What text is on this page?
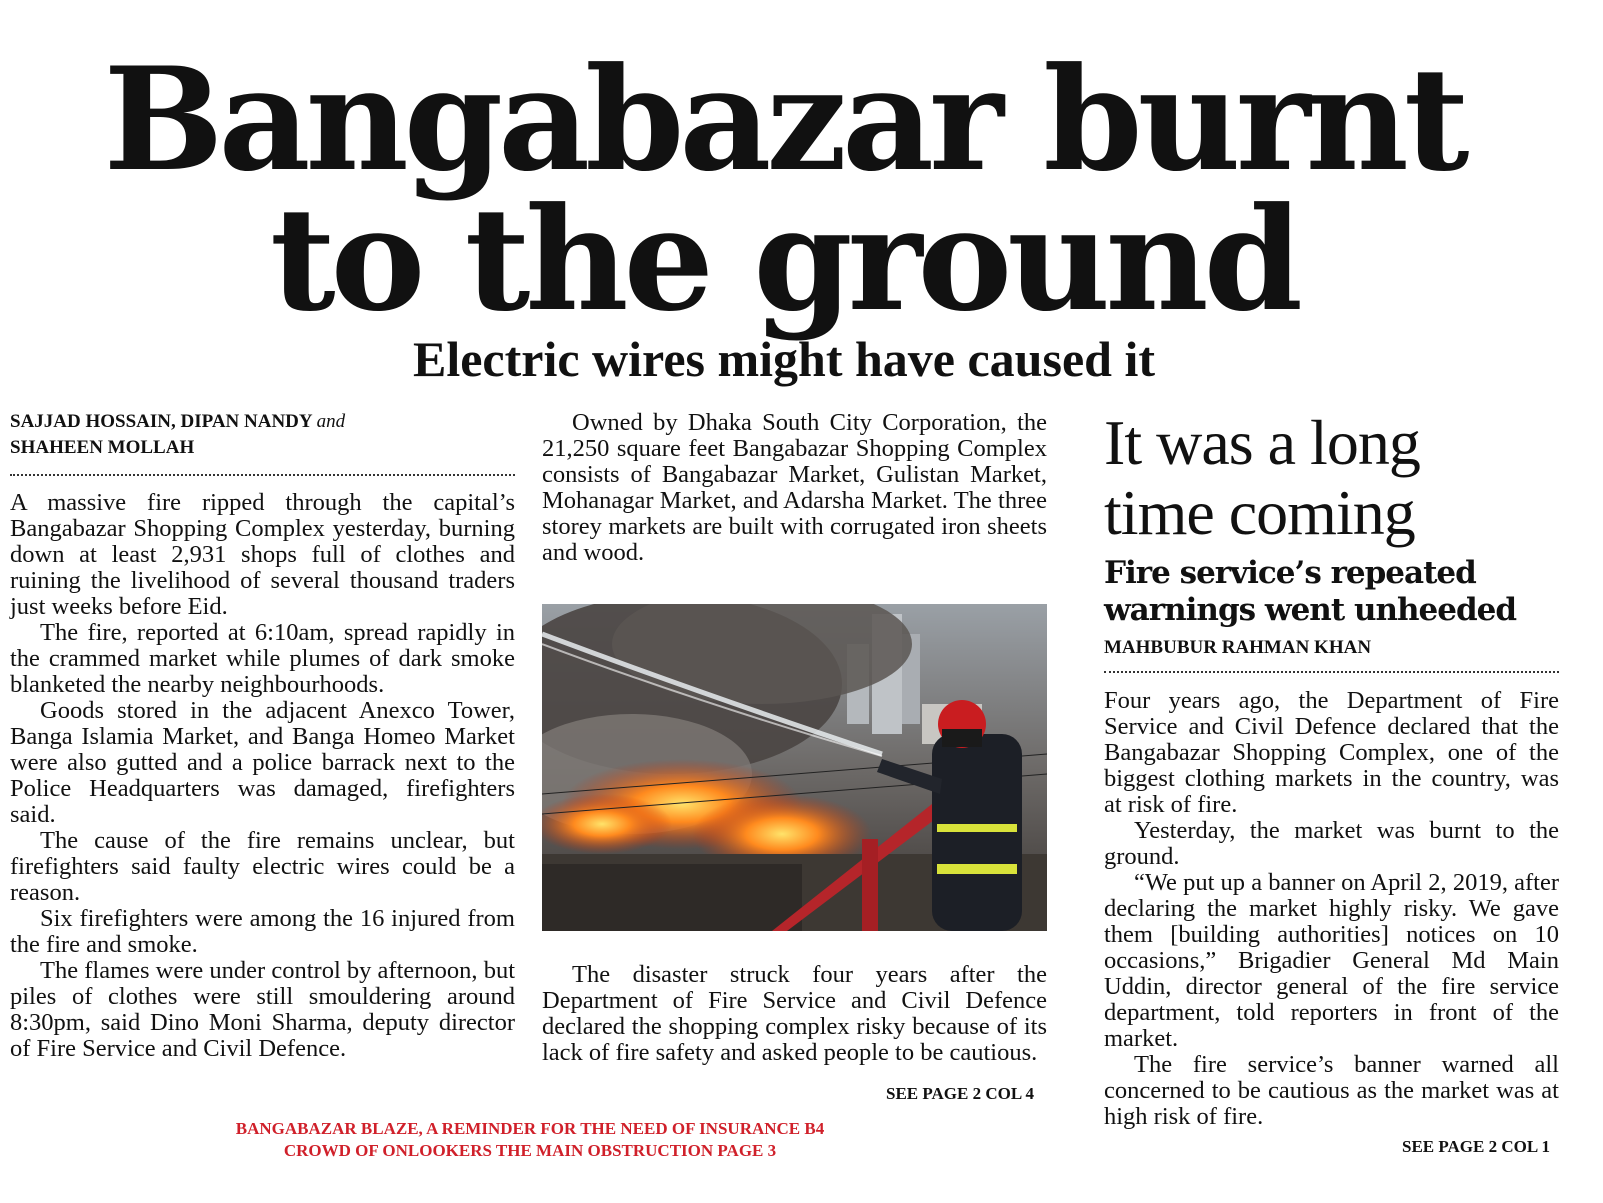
Bangabazar burnt
to the ground
Electric wires might have caused it
SAJJAD HOSSAIN, DIPAN NANDY and
SHAHEEN MOLLAH

A massive fire ripped through the capital’s Bangabazar Shopping Complex yesterday, burning down at least 2,931 shops full of clothes and ruining the livelihood of several thousand traders just weeks before Eid.

The fire, reported at 6:10am, spread rapidly in the crammed market while plumes of dark smoke blanketed the nearby neighbourhoods.

Goods stored in the adjacent Anexco Tower, Banga Islamia Market, and Banga Homeo Market were also gutted and a police barrack next to the Police Headquarters was damaged, firefighters said.

The cause of the fire remains unclear, but firefighters said faulty electric wires could be a reason.

Six firefighters were among the 16 injured from the fire and smoke.

The flames were under control by afternoon, but piles of clothes were still smouldering around 8:30pm, said Dino Moni Sharma, deputy director of Fire Service and Civil Defence.

Owned by Dhaka South City Corporation, the 21,250 square feet Bangabazar Shopping Complex consists of Bangabazar Market, Gulistan Market, Mohanagar Market, and Adarsha Market. The three storey markets are built with corrugated iron sheets and wood.

The disaster struck four years after the Department of Fire Service and Civil Defence declared the shopping complex risky because of its lack of fire safety and asked people to be cautious.

SEE PAGE 2 COL 4
BANGABAZAR BLAZE, A REMINDER FOR THE NEED OF INSURANCE B4
CROWD OF ONLOOKERS THE MAIN OBSTRUCTION PAGE 3
It was a long
time coming
Fire service’s repeated
warnings went unheeded
MAHBUBUR RAHMAN KHAN

Four years ago, the Department of Fire Service and Civil Defence declared that the Bangabazar Shopping Complex, one of the biggest clothing markets in the country, was at risk of fire.

Yesterday, the market was burnt to the ground.

“We put up a banner on April 2, 2019, after declaring the market highly risky. We gave them [building authorities] notices on 10 occasions,” Brigadier General Md Main Uddin, director general of the fire service department, told reporters in front of the market.

The fire service’s banner warned all concerned to be cautious as the market was at high risk of fire.

SEE PAGE 2 COL 1
